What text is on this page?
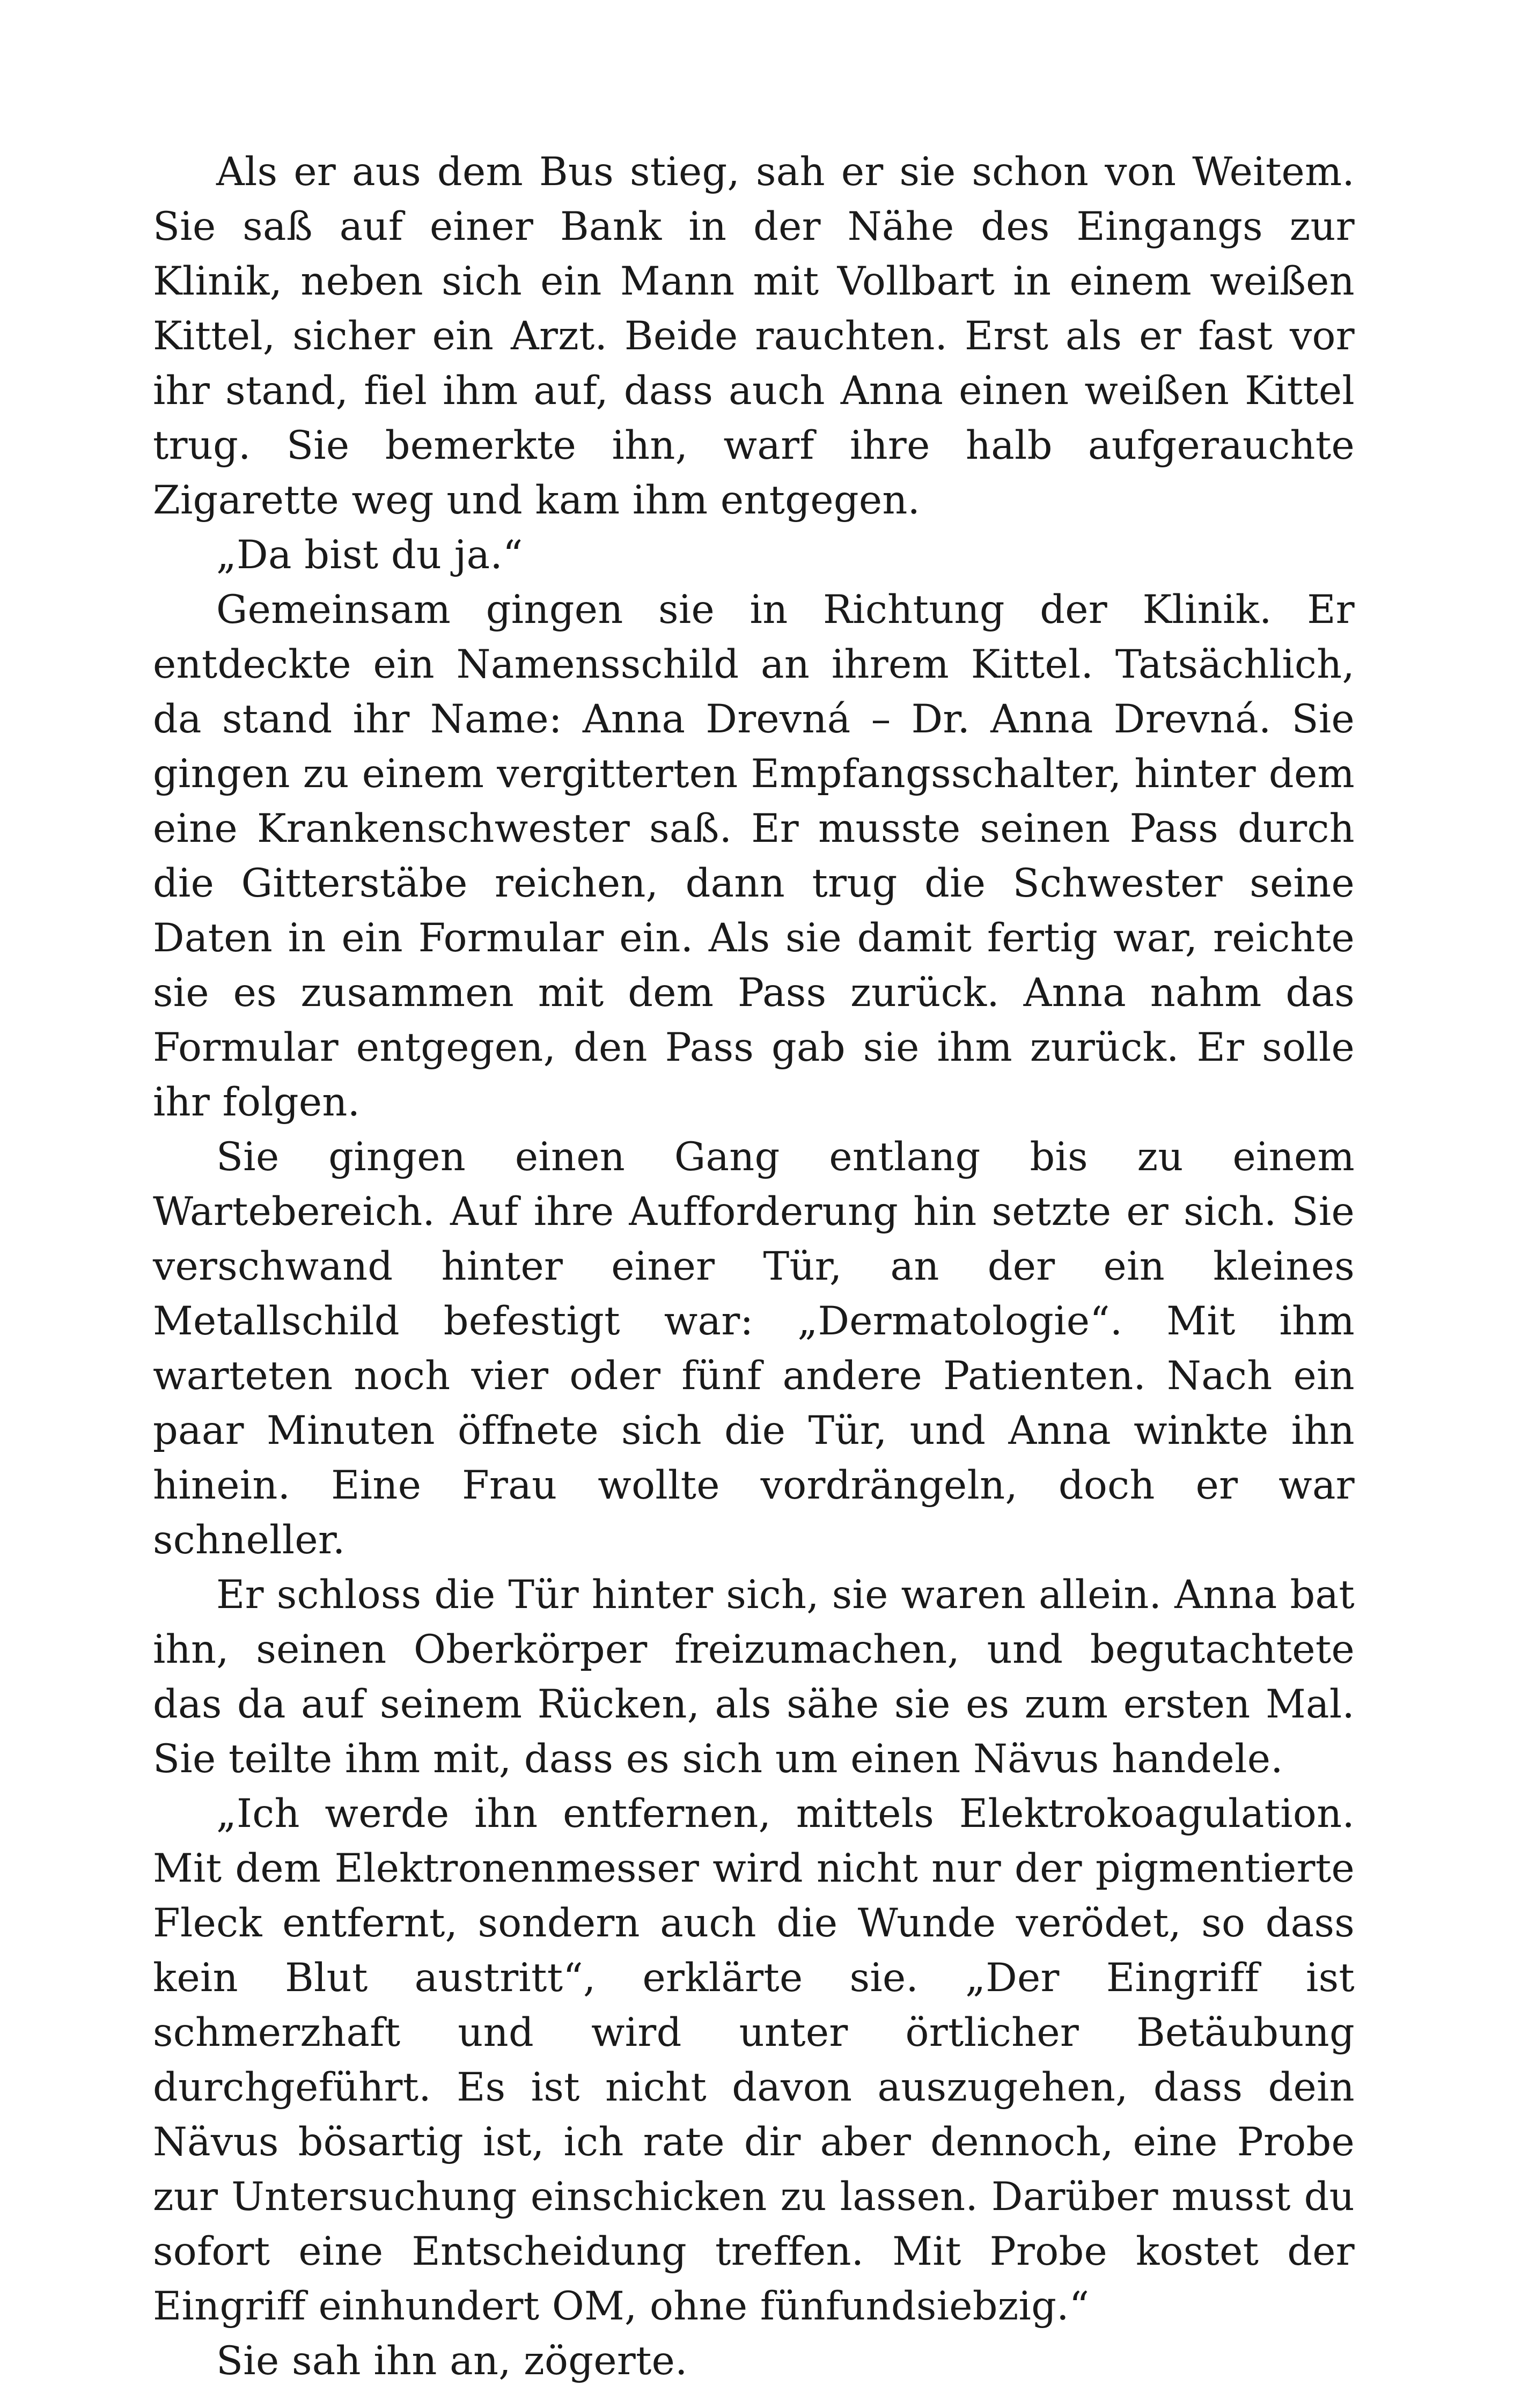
Als er aus dem Bus stieg, sah er sie schon von Weitem. Sie saß auf einer Bank in der Nähe des Eingangs zur Klinik, neben sich ein Mann mit Vollbart in einem weißen Kittel, sicher ein Arzt. Beide rauchten. Erst als er fast vor ihr stand, fiel ihm auf, dass auch Anna einen weißen Kittel trug. Sie bemerkte ihn, warf ihre halb aufgerauchte Zigarette weg und kam ihm entgegen.

„Da bist du ja.“

Gemeinsam gingen sie in Richtung der Klinik. Er entdeckte ein Namensschild an ihrem Kittel. Tatsächlich, da stand ihr Name: Anna Drevná – Dr. Anna Drevná. Sie gingen zu einem vergitterten Empfangsschalter, hinter dem eine Krankenschwester saß. Er musste seinen Pass durch die Gitterstäbe reichen, dann trug die Schwester seine Daten in ein Formular ein. Als sie damit fertig war, reichte sie es zusammen mit dem Pass zurück. Anna nahm das Formular entgegen, den Pass gab sie ihm zurück. Er solle ihr folgen.

Sie gingen einen Gang entlang bis zu einem Wartebereich. Auf ihre Aufforderung hin setzte er sich. Sie verschwand hinter einer Tür, an der ein kleines Metallschild befestigt war: „Dermatologie“. Mit ihm warteten noch vier oder fünf andere Patienten. Nach ein paar Minuten öffnete sich die Tür, und Anna winkte ihn hinein. Eine Frau wollte vordrängeln, doch er war schneller.

Er schloss die Tür hinter sich, sie waren allein. Anna bat ihn, seinen Oberkörper freizumachen, und begutachtete das da auf seinem Rücken, als sähe sie es zum ersten Mal. Sie teilte ihm mit, dass es sich um einen Nävus handele.

„Ich werde ihn entfernen, mittels Elektrokoagulation. Mit dem Elektronenmesser wird nicht nur der pigmentierte Fleck entfernt, sondern auch die Wunde verödet, so dass kein Blut austritt“, erklärte sie. „Der Eingriff ist schmerzhaft und wird unter örtlicher Betäubung durchgeführt. Es ist nicht davon auszugehen, dass dein Nävus bösartig ist, ich rate dir aber dennoch, eine Probe zur Untersuchung einschicken zu lassen. Darüber musst du sofort eine Entscheidung treffen. Mit Probe kostet der Eingriff einhundert OM, ohne fünfundsiebzig.“

Sie sah ihn an, zögerte.
